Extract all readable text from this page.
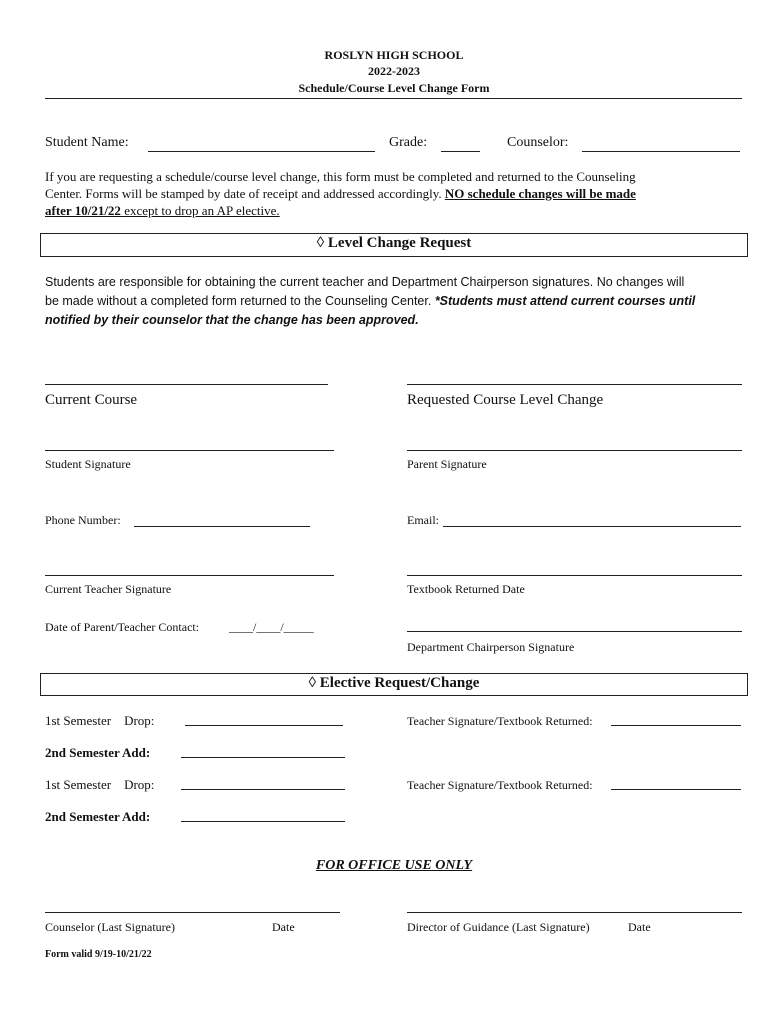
ROSLYN HIGH SCHOOL
2022-2023
Schedule/Course Level Change Form
Student Name:	Grade:	Counselor:
If you are requesting a schedule/course level change, this form must be completed and returned to the Counseling
Center. Forms will be stamped by date of receipt and addressed accordingly. NO schedule changes will be made
after 10/21/22 except to drop an AP elective.
◊ Level Change Request
Students are responsible for obtaining the current teacher and Department Chairperson signatures. No changes will
be made without a completed form returned to the Counseling Center. *Students must attend current courses until
notified by their counselor that the change has been approved.
Current Course	Requested Course Level Change
Student Signature	Parent Signature
Phone Number:	Email:
Current Teacher Signature	Textbook Returned Date
Date of Parent/Teacher Contact: ____/____/_____
Department Chairperson Signature
◊ Elective Request/Change
1st Semester    Drop:	Teacher Signature/Textbook Returned:
2nd Semester Add:
1st Semester    Drop:	Teacher Signature/Textbook Returned:
2nd Semester Add:
FOR OFFICE USE ONLY
Counselor (Last Signature)	Date	Director of Guidance (Last Signature)	Date
Form valid 9/19-10/21/22
